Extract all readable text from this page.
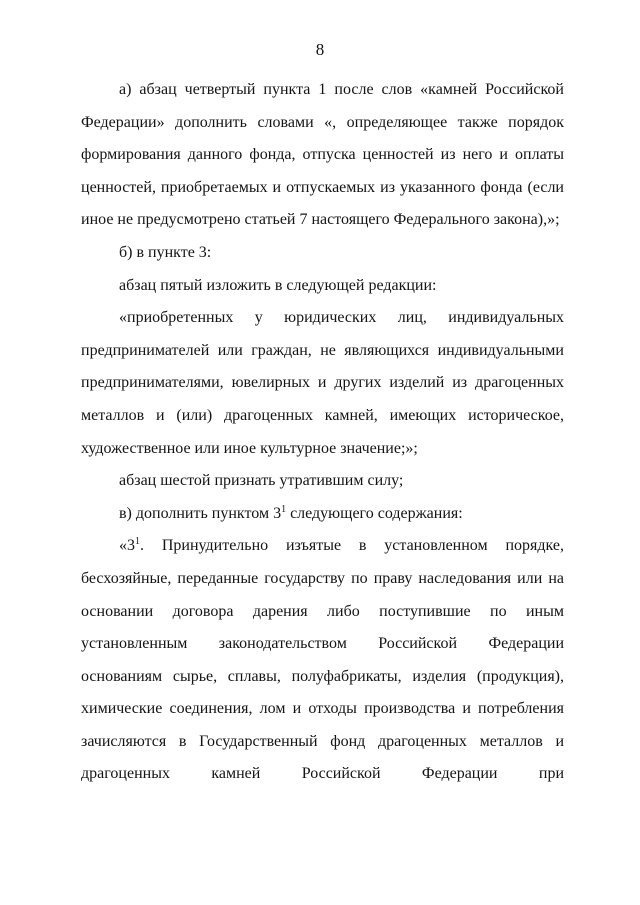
8

а) абзац четвертый пункта 1 после слов «камней Российской Федерации» дополнить словами «, определяющее также порядок формирования данного фонда, отпуска ценностей из него и оплаты ценностей, приобретаемых и отпускаемых из указанного фонда (если иное не предусмотрено статьей 7 настоящего Федерального закона),»;

б) в пункте 3:

абзац пятый изложить в следующей редакции:

«приобретенных у юридических лиц, индивидуальных предпринимателей или граждан, не являющихся индивидуальными предпринимателями, ювелирных и других изделий из драгоценных металлов и (или) драгоценных камней, имеющих историческое, художественное или иное культурное значение;»;

абзац шестой признать утратившим силу;

в) дополнить пунктом $3^1$ следующего содержания:

«$3^1$. Принудительно изъятые в установленном порядке, бесхозяйные, переданные государству по праву наследования или на основании договора дарения либо поступившие по иным установленным законодательством Российской Федерации основаниям сырье, сплавы, полуфабрикаты, изделия (продукция), химические соединения, лом и отходы производства и потребления зачисляются в Государственный фонд драгоценных металлов и драгоценных камней Российской Федерации при
